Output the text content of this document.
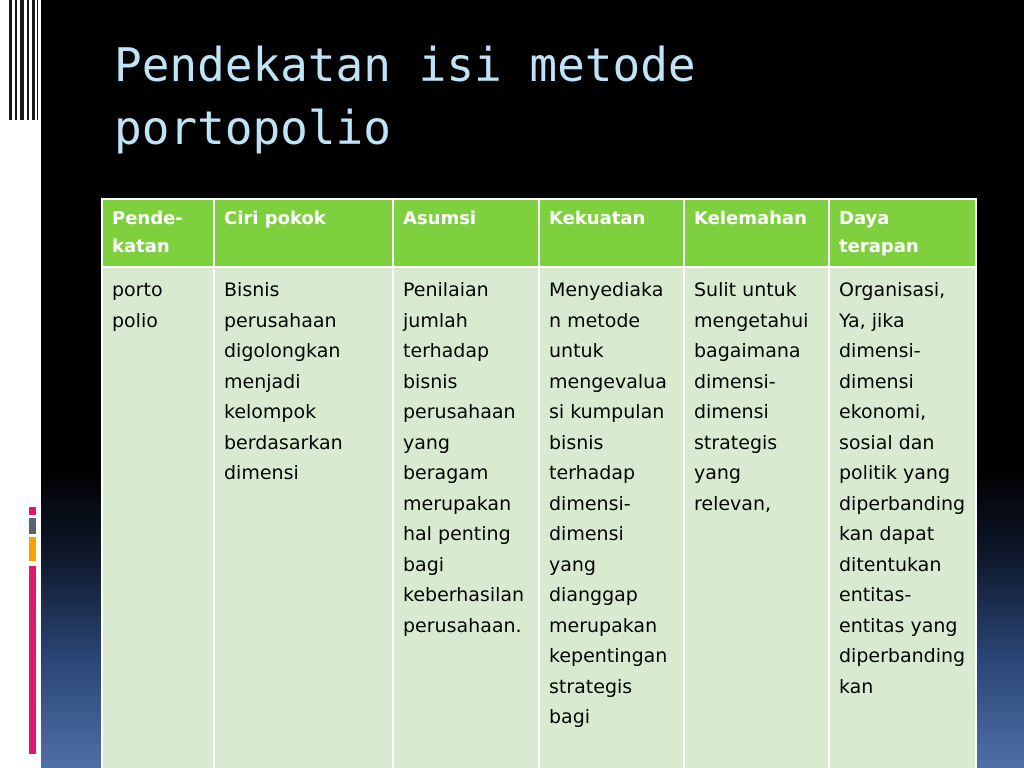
Pendekatan isi metode
portopolio
Pende-
katan	Ciri pokok	Asumsi	Kekuatan	Kelemahan	Daya
terapan
porto
polio	Bisnis perusahaan digolongkan menjadi kelompok berdasarkan dimensi	Penilaian jumlah terhadap bisnis perusahaan yang beragam merupakan hal penting bagi keberhasilan perusahaan.	Menyediakan metode untuk mengevaluasi kumpulan bisnis terhadap dimensi-dimensi yang dianggap merupakan kepentingan strategis bagi	Sulit untuk mengetahui bagaimana dimensi-dimensi strategis yang relevan,	Organisasi, Ya, jika dimensi-dimensi ekonomi, sosial dan politik yang diperbandingkan dapat ditentukan entitas-entitas yang diperbandingkan
